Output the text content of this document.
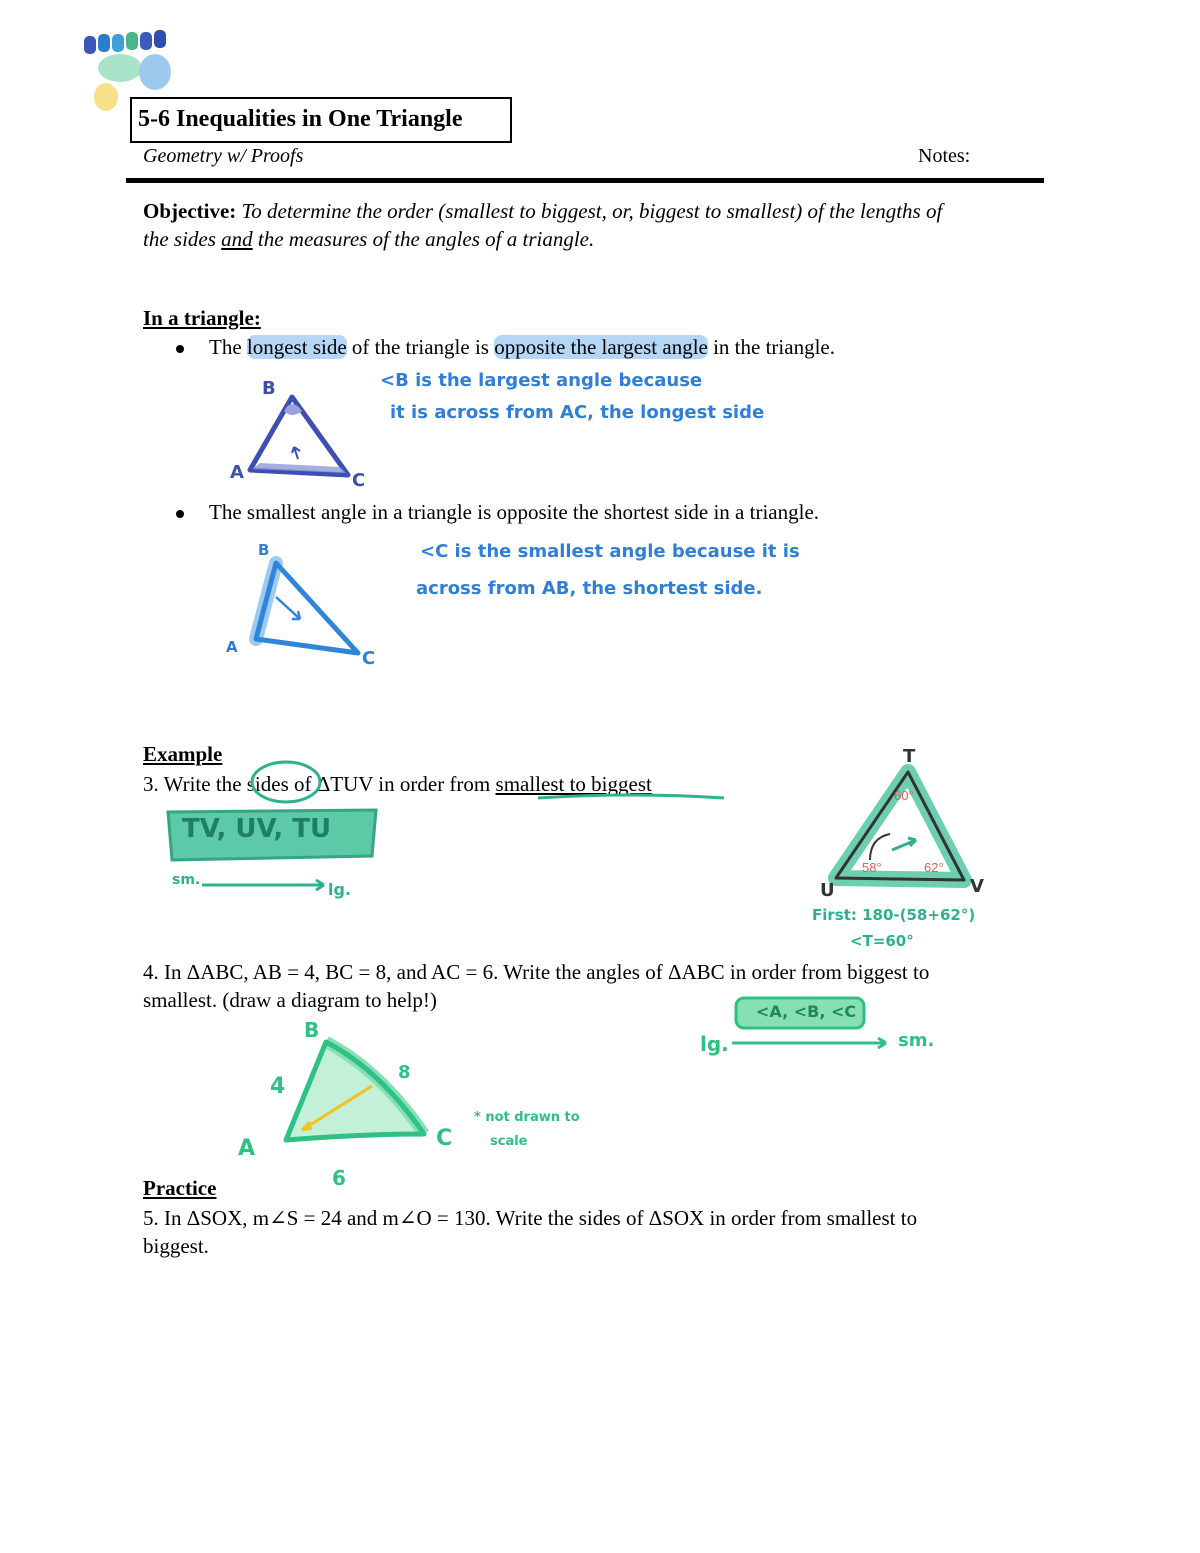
5-6 Inequalities in One Triangle
Geometry w/ Proofs	Notes:
Objective: To determine the order (smallest to biggest, or, biggest to smallest) of the lengths of
the sides and the measures of the angles of a triangle.
In a triangle:
The longest side of the triangle is opposite the largest angle in the triangle.
B
A	C
<B is the largest angle because
it is across from AC, the longest side
The smallest angle in a triangle is opposite the shortest side in a triangle.
B
A
C
<C is the smallest angle because it is
across from AB, the shortest side.
Example
3. Write the sides of ΔTUV in order from smallest to biggest
TV, UV, TU
sm.	lg.
T
U	V
60°
58°	62°
First: 180-(58+62°)
<T=60°
4. In ΔABC, AB = 4, BC = 8, and AC = 6. Write the angles of ΔABC in order from biggest to
smallest. (draw a diagram to help!)	<A, <B, <C
lg.	sm.
B
A	C
4
8
6
* not drawn to
scale
Practice
5. In ΔSOX, m∠S = 24 and m∠O = 130. Write the sides of ΔSOX in order from smallest to
biggest.
